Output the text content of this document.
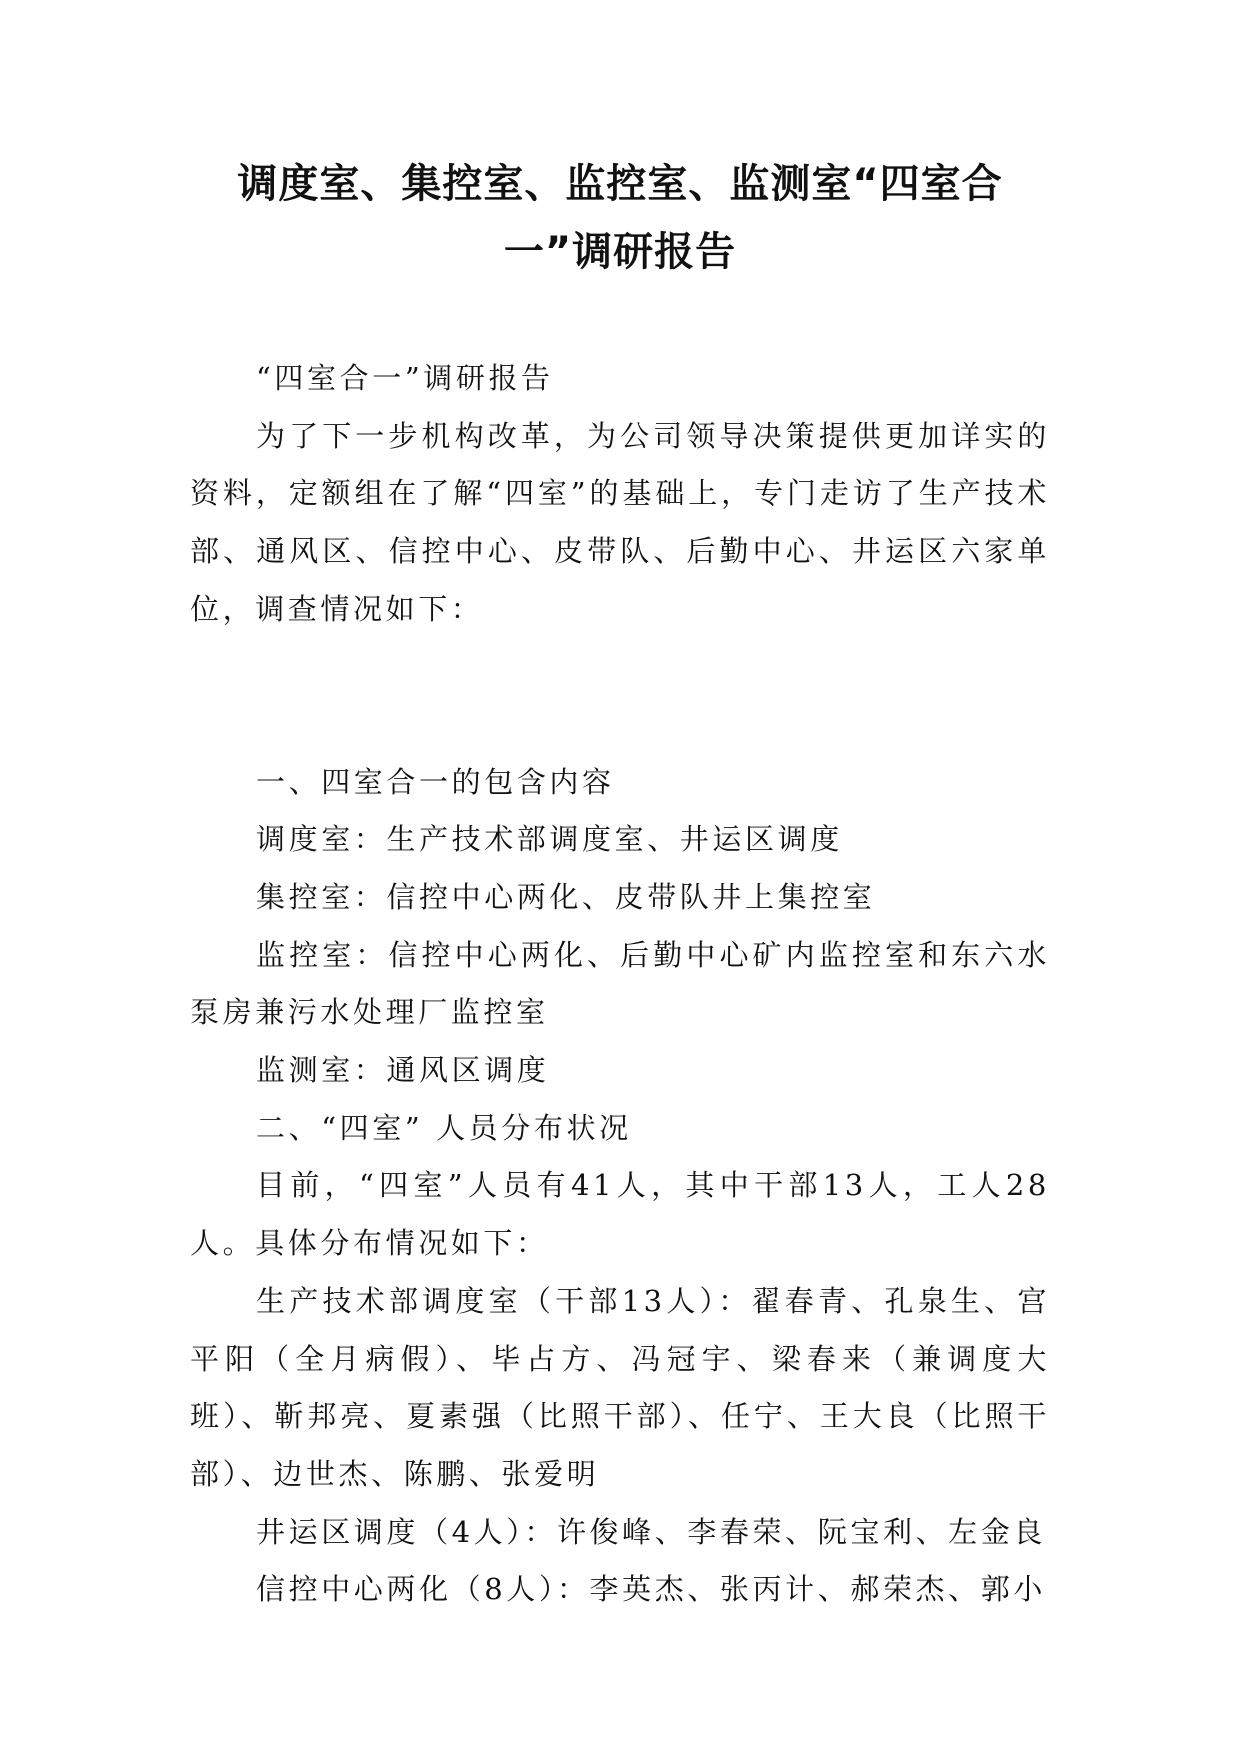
调度室、集控室、监控室、监测室“四室合
一”调研报告

“四室合一”调研报告

为了下一步机构改革，为公司领导决策提供更加详实的资料，定额组在了解“四室”的基础上，专门走访了生产技术部、通风区、信控中心、皮带队、后勤中心、井运区六家单位，调查情况如下：

一、四室合一的包含内容

调度室：生产技术部调度室、井运区调度

集控室：信控中心两化、皮带队井上集控室

监控室：信控中心两化、后勤中心矿内监控室和东六水泵房兼污水处理厂监控室

监测室：通风区调度

二、“四室” 人员分布状况

目前，“四室”人员有41人，其中干部13人，工人28人。具体分布情况如下：

生产技术部调度室（干部13人）：翟春青、孔泉生、宫平阳（全月病假）、毕占方、冯冠宇、梁春来（兼调度大班）、靳邦亮、夏素强（比照干部）、任宁、王大良（比照干部）、边世杰、陈鹏、张爱明

井运区调度（4人）：许俊峰、李春荣、阮宝利、左金良

信控中心两化（8人）：李英杰、张丙计、郝荣杰、郭小
